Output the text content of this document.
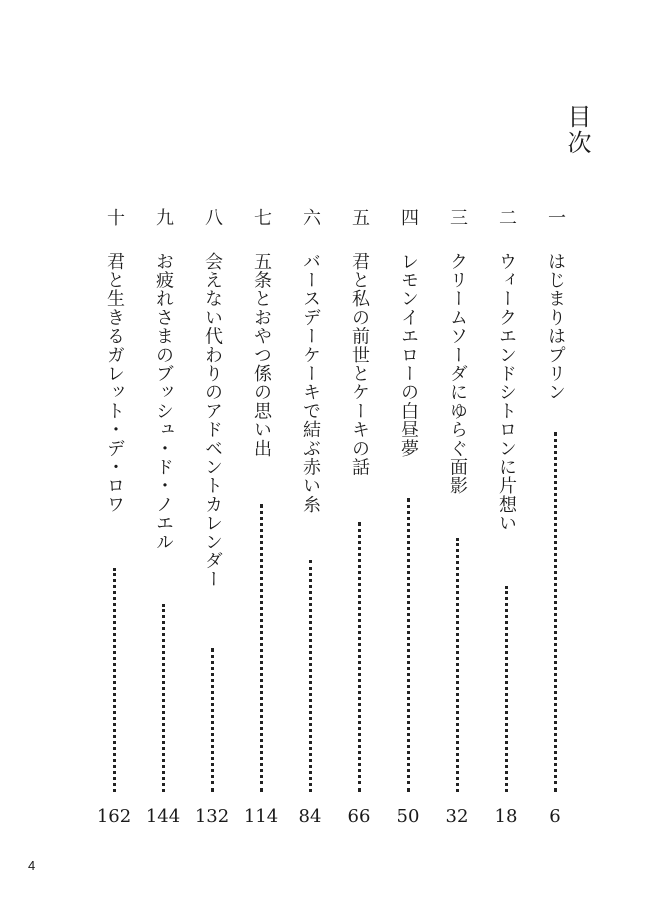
目次
一
はじまりはプリン
6
二
ウィークエンドシトロンに片想い
18
三
クリームソーダにゆらぐ面影
32
四
レモンイエローの白昼夢
50
五
君と私の前世とケーキの話
66
六
バースデーケーキで結ぶ赤い糸
84
七
五条とおやつ係の思い出
114
八
会えない代わりのアドベントカレンダー
132
九
お疲れさまのブッシュ・ド・ノエル
144
十
君と生きるガレット・デ・ロワ
162
4
